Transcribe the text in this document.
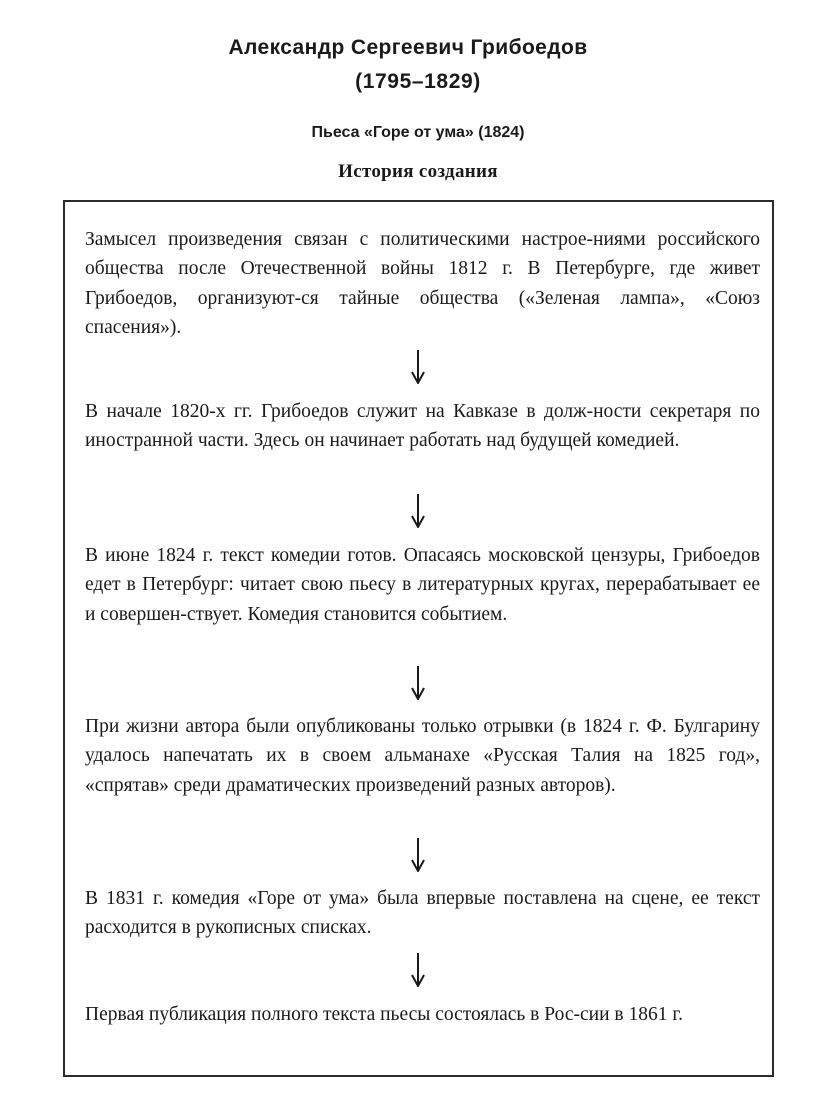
Александр Сергеевич Грибоедов
(1795–1829)
Пьеса «Горе от ума» (1824)
История создания
Замысел произведения связан с политическими настрое-ниями российского общества после Отечественной войны 1812 г. В Петербурге, где живет Грибоедов, организуют-ся тайные общества («Зеленая лампа», «Союз спасения»).
В начале 1820-х гг. Грибоедов служит на Кавказе в долж-ности секретаря по иностранной части. Здесь он начинает работать над будущей комедией.
В июне 1824 г. текст комедии готов. Опасаясь московской цензуры, Грибоедов едет в Петербург: читает свою пьесу в литературных кругах, перерабатывает ее и совершен-ствует. Комедия становится событием.
При жизни автора были опубликованы только отрывки (в 1824 г. Ф. Булгарину удалось напечатать их в своем альманахе «Русская Талия на 1825 год», «спрятав» среди драматических произведений разных авторов).
В 1831 г. комедия «Горе от ума» была впервые поставлена на сцене, ее текст расходится в рукописных списках.
Первая публикация полного текста пьесы состоялась в Рос-сии в 1861 г.
